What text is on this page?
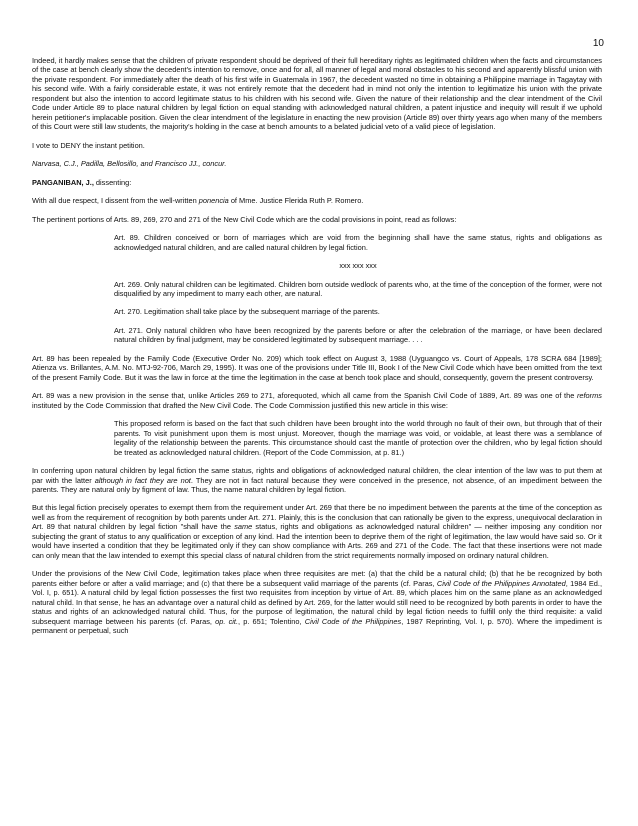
10

Indeed, it hardly makes sense that the children of private respondent should be deprived of their full hereditary rights as legitimated children when the facts and circumstances of the case at bench clearly show the decedent's intention to remove, once and for all, all manner of legal and moral obstacles to his second and apparently blissful union with the private respondent. For immediately after the death of his first wife in Guatemala in 1967, the decedent wasted no time in obtaining a Philippine marriage in Tagaytay with his second wife. With a fairly considerable estate, it was not entirely remote that the decedent had in mind not only the intention to legitimatize his union with the private respondent but also the intention to accord legitimate status to his children with his second wife. Given the nature of their relationship and the clear intendment of the Civil Code under Article 89 to place natural children by legal fiction on equal standing with acknowledged natural children, a patent injustice and inequity will result if we uphold herein petitioner's implacable position. Given the clear intendment of the legislature in enacting the new provision (Article 89) over thirty years ago when many of the members of this Court were still law students, the majority's holding in the case at bench amounts to a belated judicial veto of a valid piece of legislation.

I vote to DENY the instant petition.

Narvasa, C.J., Padilla, Bellosillo, and Francisco JJ., concur.

PANGANIBAN, J., dissenting:

With all due respect, I dissent from the well-written ponencia of Mme. Justice Flerida Ruth P. Romero.

The pertinent portions of Arts. 89, 269, 270 and 271 of the New Civil Code which are the codal provisions in point, read as follows:

Art. 89. Children conceived or born of marriages which are void from the beginning shall have the same status, rights and obligations as acknowledged natural children, and are called natural children by legal fiction.

xxx xxx xxx

Art. 269. Only natural children can be legitimated. Children born outside wedlock of parents who, at the time of the conception of the former, were not disqualified by any impediment to marry each other, are natural.

Art. 270. Legitimation shall take place by the subsequent marriage of the parents.

Art. 271. Only natural children who have been recognized by the parents before or after the celebration of the marriage, or have been declared natural children by final judgment, may be considered legitimated by subsequent marriage. . . .

Art. 89 has been repealed by the Family Code (Executive Order No. 209) which took effect on August 3, 1988 (Uyguangco vs. Court of Appeals, 178 SCRA 684 [1989]; Atienza vs. Brillantes, A.M. No. MTJ-92-706, March 29, 1995). It was one of the provisions under Title III, Book I of the New Civil Code which have been omitted from the text of the present Family Code. But it was the law in force at the time the legitimation in the case at bench took place and should, consequently, govern the present controversy.

Art. 89 was a new provision in the sense that, unlike Articles 269 to 271, aforequoted, which all came from the Spanish Civil Code of 1889, Art. 89 was one of the reforms instituted by the Code Commission that drafted the New Civil Code. The Code Commission justified this new article in this wise:

This proposed reform is based on the fact that such children have been brought into the world through no fault of their own, but through that of their parents. To visit punishment upon them is most unjust. Moreover, though the marriage was void, or voidable, at least there was a semblance of legality of the relationship between the parents. This circumstance should cast the mantle of protection over the children, who by legal fiction should be treated as acknowledged natural children. (Report of the Code Commission, at p. 81.)

In conferring upon natural children by legal fiction the same status, rights and obligations of acknowledged natural children, the clear intention of the law was to put them at par with the latter although in fact they are not. They are not in fact natural because they were conceived in the presence, not absence, of an impediment between the parents. They are natural only by figment of law. Thus, the name natural children by legal fiction.

But this legal fiction precisely operates to exempt them from the requirement under Art. 269 that there be no impediment between the parents at the time of the conception as well as from the requirement of recognition by both parents under Art. 271. Plainly, this is the conclusion that can rationally be given to the express, unequivocal declaration in Art. 89 that natural children by legal fiction "shall have the same status, rights and obligations as acknowledged natural children" — neither imposing any condition nor subjecting the grant of status to any qualification or exception of any kind. Had the intention been to deprive them of the right of legitimation, the law would have said so. Or it would have inserted a condition that they be legitimated only if they can show compliance with Arts. 269 and 271 of the Code. The fact that these insertions were not made can only mean that the law intended to exempt this special class of natural children from the strict requirements normally imposed on ordinary natural children.

Under the provisions of the New Civil Code, legitimation takes place when three requisites are met: (a) that the child be a natural child; (b) that he be recognized by both parents either before or after a valid marriage; and (c) that there be a subsequent valid marriage of the parents (cf. Paras, Civil Code of the Philippines Annotated, 1984 Ed., Vol. I, p. 651). A natural child by legal fiction possesses the first two requisites from inception by virtue of Art. 89, which places him on the same plane as an acknowledged natural child. In that sense, he has an advantage over a natural child as defined by Art. 269, for the latter would still need to be recognized by both parents in order to have the status and rights of an acknowledged natural child. Thus, for the purpose of legitimation, the natural child by legal fiction needs to fulfill only the third requisite: a valid subsequent marriage between his parents (cf. Paras, op. cit., p. 651; Tolentino, Civil Code of the Philippines, 1987 Reprinting, Vol. I, p. 570). Where the impediment is permanent or perpetual, such
